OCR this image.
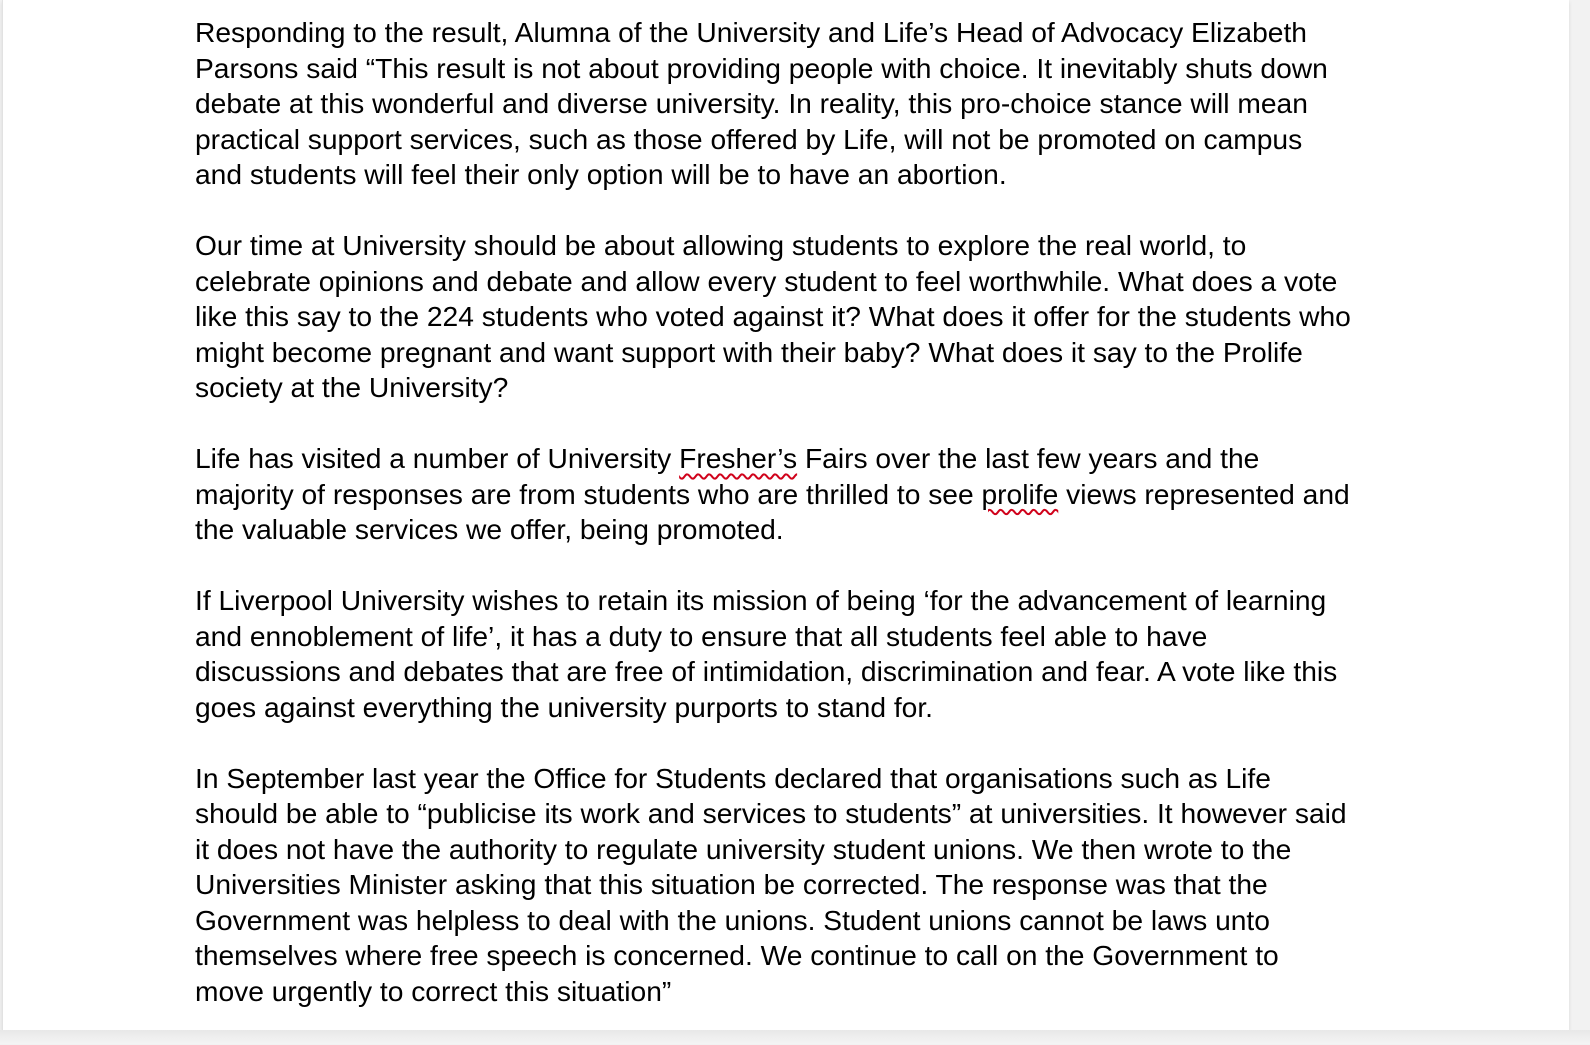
Responding to the result, Alumna of the University and Life’s Head of Advocacy Elizabeth
Parsons said “This result is not about providing people with choice. It inevitably shuts down
debate at this wonderful and diverse university. In reality, this pro-choice stance will mean
practical support services, such as those offered by Life, will not be promoted on campus
and students will feel their only option will be to have an abortion.

Our time at University should be about allowing students to explore the real world, to
celebrate opinions and debate and allow every student to feel worthwhile. What does a vote
like this say to the 224 students who voted against it? What does it offer for the students who
might become pregnant and want support with their baby? What does it say to the Prolife
society at the University?

Life has visited a number of University Fresher’s Fairs over the last few years and the
majority of responses are from students who are thrilled to see prolife views represented and
the valuable services we offer, being promoted.

If Liverpool University wishes to retain its mission of being ‘for the advancement of learning
and ennoblement of life’, it has a duty to ensure that all students feel able to have
discussions and debates that are free of intimidation, discrimination and fear. A vote like this
goes against everything the university purports to stand for.

In September last year the Office for Students declared that organisations such as Life
should be able to “publicise its work and services to students” at universities. It however said
it does not have the authority to regulate university student unions. We then wrote to the
Universities Minister asking that this situation be corrected. The response was that the
Government was helpless to deal with the unions. Student unions cannot be laws unto
themselves where free speech is concerned. We continue to call on the Government to
move urgently to correct this situation”
